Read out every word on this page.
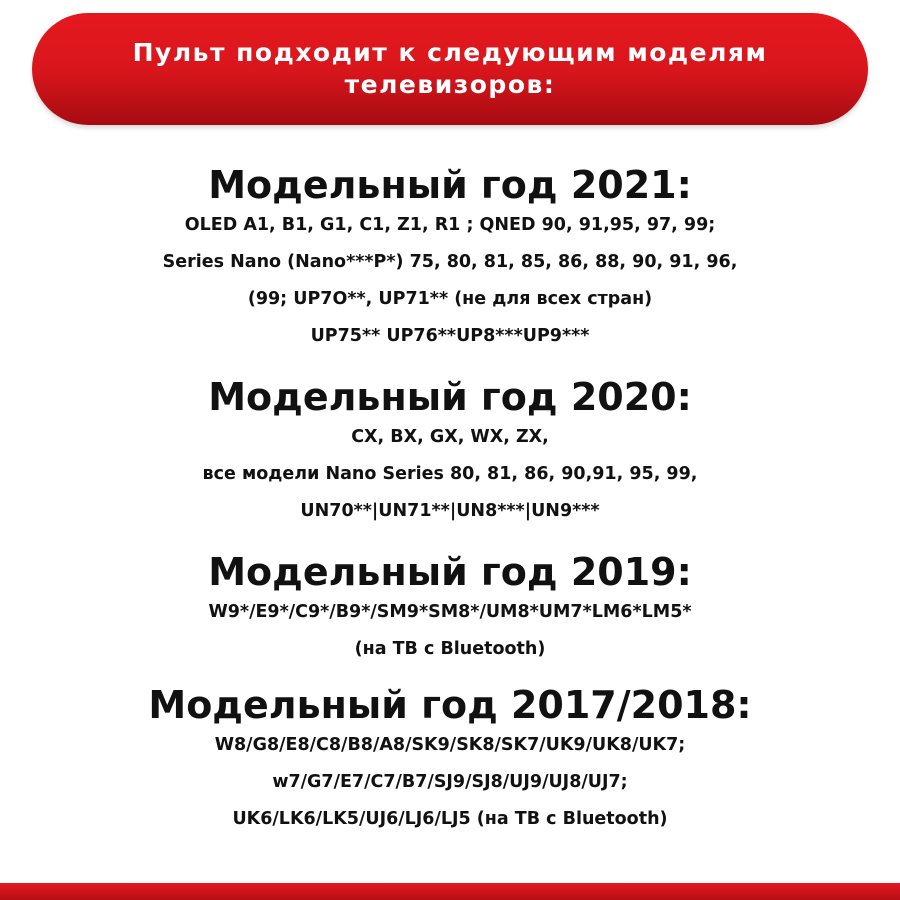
Пульт подходит к следующим моделям
телевизоров:
Модельный год 2021:
OLED A1, B1, G1, C1, Z1, R1 ; QNED 90, 91,95, 97, 99;
Series Nano (Nano***P*) 75, 80, 81, 85, 86, 88, 90, 91, 96,
(99; UP7O**, UP71** (не для всех стран)
UP75** UP76**UP8***UP9***
Модельный год 2020:
CX, BX, GX, WX, ZX,
все модели Nano Series 80, 81, 86, 90,91, 95, 99,
UN70**|UN71**|UN8***|UN9***
Модельный год 2019:
W9*/E9*/C9*/B9*/SM9*SM8*/UM8*UM7*LM6*LM5*
(на ТВ с Bluetooth)
Модельный год 2017/2018:
W8/G8/E8/C8/B8/A8/SK9/SK8/SK7/UK9/UK8/UK7;
w7/G7/E7/C7/B7/SJ9/SJ8/UJ9/UJ8/UJ7;
UK6/LK6/LK5/UJ6/LJ6/LJ5 (на ТВ с Bluetooth)
